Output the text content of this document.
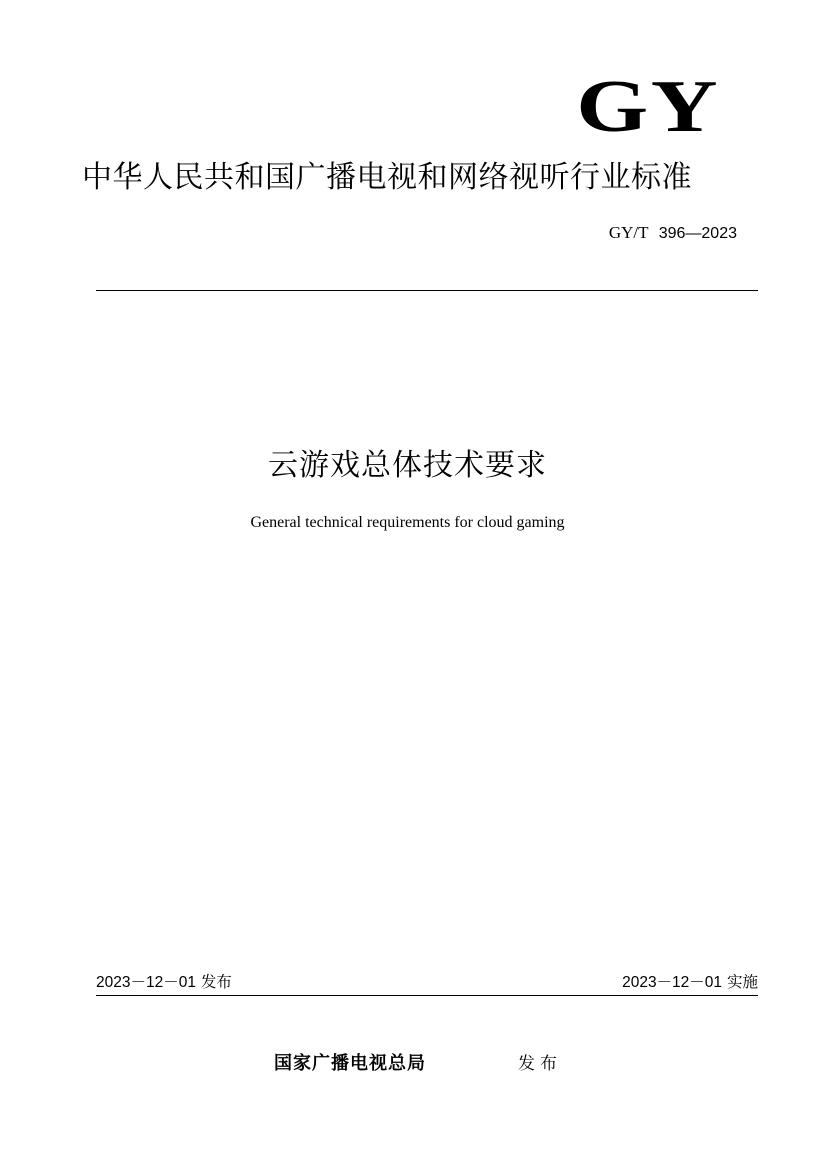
GY
中华人民共和国广播电视和网络视听行业标准
GY/T 396—2023
云游戏总体技术要求
General technical requirements for cloud gaming
2023－12－01 发布	2023－12－01 实施
国家广播电视总局	发布
